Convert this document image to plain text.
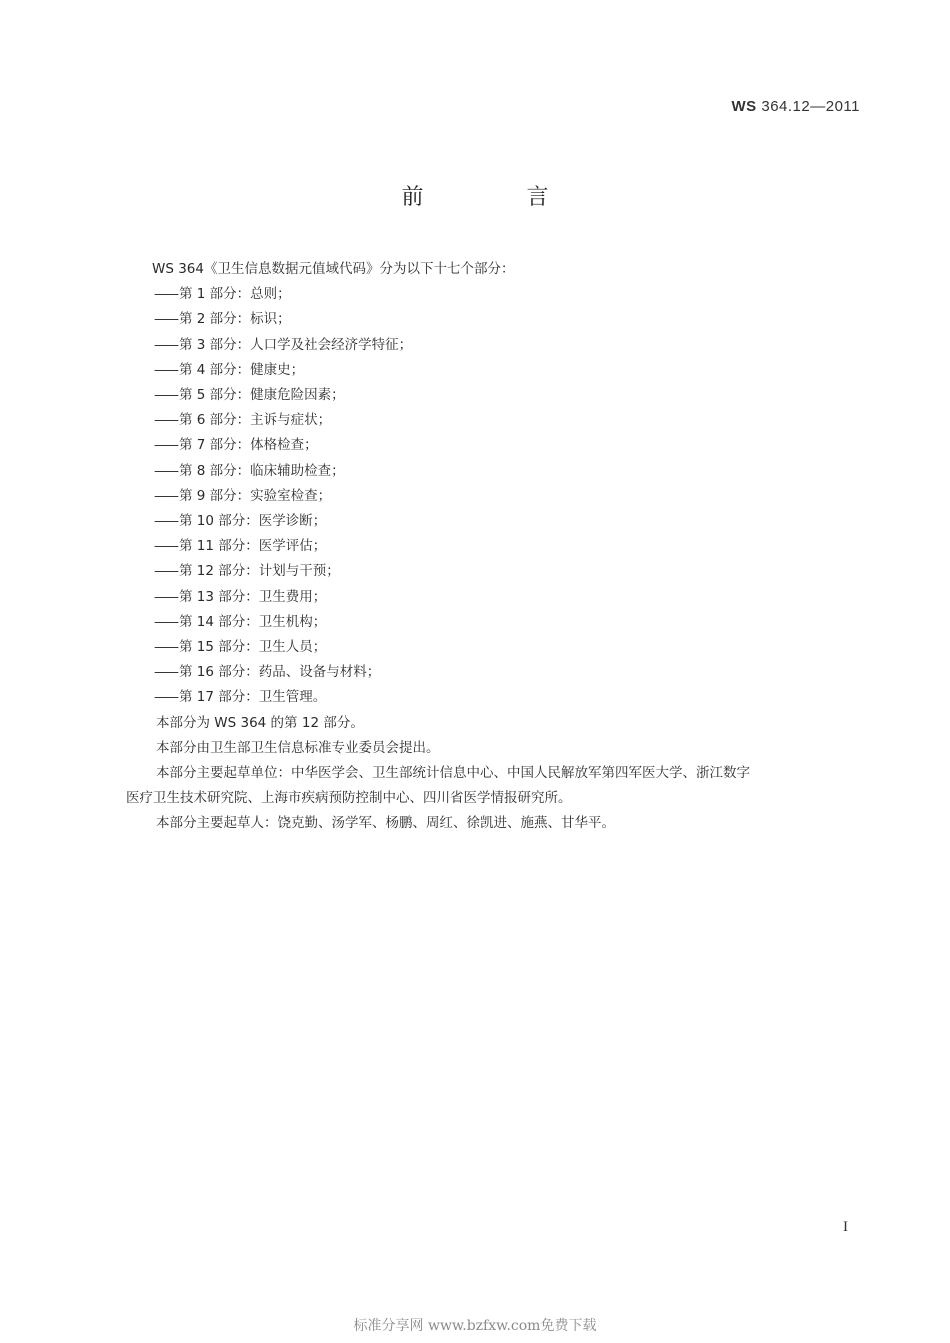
WS 364.12—2011
前 言

WS 364《卫生信息数据元值域代码》分为以下十七个部分：

—— 第 1 部分：总则；
—— 第 2 部分：标识；
—— 第 3 部分：人口学及社会经济学特征；
—— 第 4 部分：健康史；
—— 第 5 部分：健康危险因素；
—— 第 6 部分：主诉与症状；
—— 第 7 部分：体格检查；
—— 第 8 部分：临床辅助检查；
—— 第 9 部分：实验室检查；
—— 第 10 部分：医学诊断；
—— 第 11 部分：医学评估；
—— 第 12 部分：计划与干预；
—— 第 13 部分：卫生费用；
—— 第 14 部分：卫生机构；
—— 第 15 部分：卫生人员；
—— 第 16 部分：药品、设备与材料；
—— 第 17 部分：卫生管理。

本部分为 WS 364 的第 12 部分。

本部分由卫生部卫生信息标准专业委员会提出。

本部分主要起草单位：中华医学会、卫生部统计信息中心、中国人民解放军第四军医大学、浙江数字
医疗卫生技术研究院、上海市疾病预防控制中心、四川省医学情报研究所。

本部分主要起草人：饶克勤、汤学军、杨鹏、周红、徐凯进、施燕、甘华平。

I
标准分享网 www.bzfxw.com免费下载
